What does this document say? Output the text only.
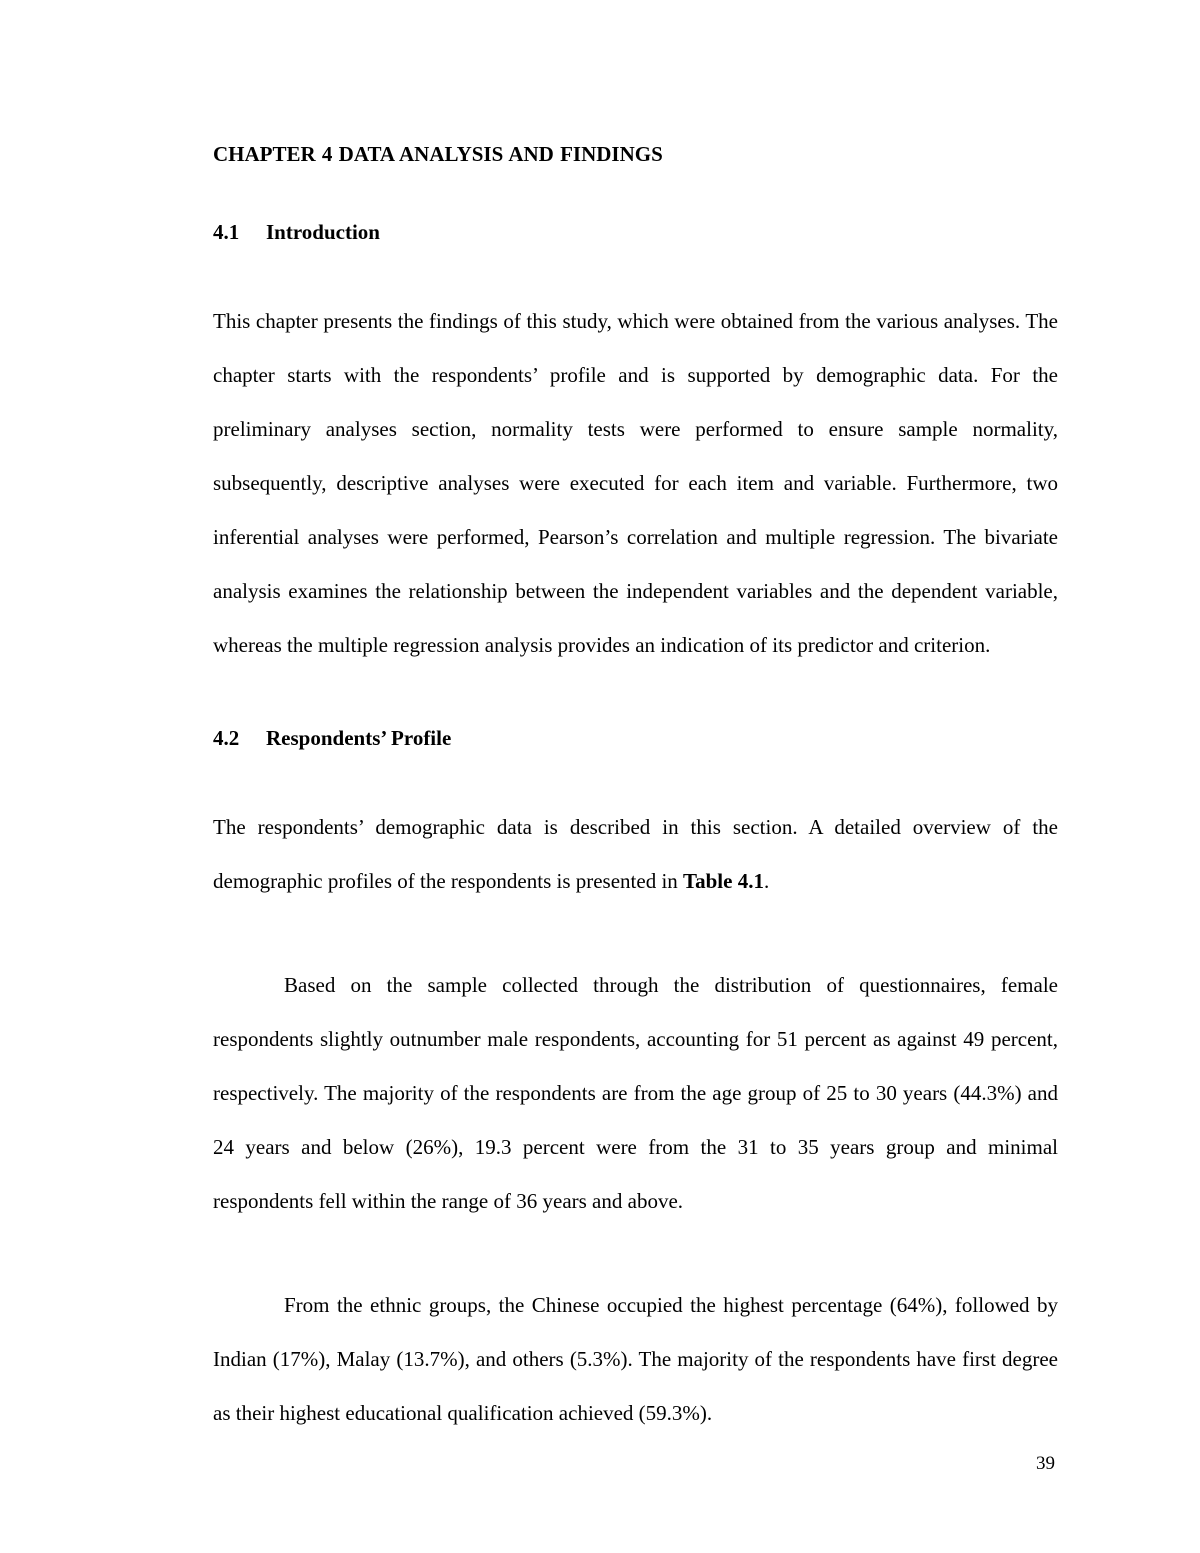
CHAPTER 4 DATA ANALYSIS AND FINDINGS
4.1 Introduction

This chapter presents the findings of this study, which were obtained from the various analyses. The chapter starts with the respondents’ profile and is supported by demographic data. For the preliminary analyses section, normality tests were performed to ensure sample normality, subsequently, descriptive analyses were executed for each item and variable. Furthermore, two inferential analyses were performed, Pearson’s correlation and multiple regression. The bivariate analysis examines the relationship between the independent variables and the dependent variable, whereas the multiple regression analysis provides an indication of its predictor and criterion.

4.2 Respondents’ Profile

The respondents’ demographic data is described in this section. A detailed overview of the demographic profiles of the respondents is presented in Table 4.1.

Based on the sample collected through the distribution of questionnaires, female respondents slightly outnumber male respondents, accounting for 51 percent as against 49 percent, respectively. The majority of the respondents are from the age group of 25 to 30 years (44.3%) and 24 years and below (26%), 19.3 percent were from the 31 to 35 years group and minimal respondents fell within the range of 36 years and above.

From the ethnic groups, the Chinese occupied the highest percentage (64%), followed by Indian (17%), Malay (13.7%), and others (5.3%). The majority of the respondents have first degree as their highest educational qualification achieved (59.3%).

39
